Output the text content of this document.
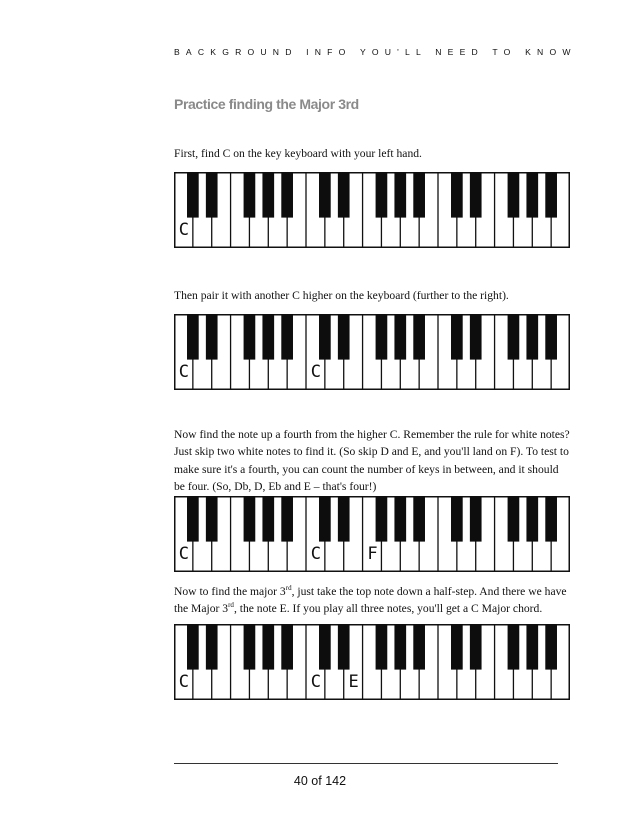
BACKGROUND INFO YOU'LL NEED TO KNOW
Practice finding the Major 3rd

First, find C on the key keyboard with your left hand.

C

Then pair it with another C higher on the keyboard (further to the right).

C	C

Now find the note up a fourth from the higher C. Remember the rule for white notes? Just skip two white notes to find it. (So skip D and E, and you'll land on F). To test to make sure it's a fourth, you can count the number of keys in between, and it should be four. (So, Db, D, Eb and E – that's four!)

C	C	F

Now to find the major 3rd, just take the top note down a half-step. And there we have the Major 3rd, the note E. If you play all three notes, you'll get a C Major chord.

C	C E
40 of 142
